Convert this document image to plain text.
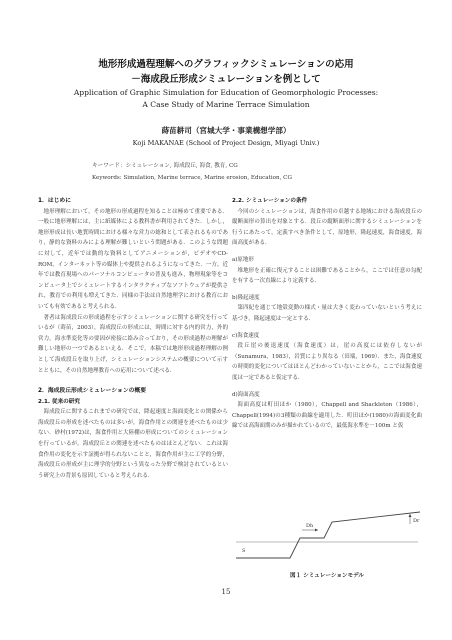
地形形成過程理解へのグラフィックシミュレーションの応用
－海成段丘形成シミュレーションを例として
Application of Graphic Simulation for Education of Geomorphologic Processes:
A Case Study of Marine Terrace Simulation
蒔苗耕司（宮城大学・事業構想学部）
Koji MAKANAE (School of Project Design, Miyagi Univ.)
キーワード：シミュレーション, 海成段丘, 海食, 教育, CG
Keywords: Simulation, Marine terrace, Marine erosion, Education, CG

1．はじめに

地形理解において，その地形の形成過程を知ることは極めて重要である．一般に地形理解には，主に紙媒体による教科書が利用されてきた．しかし，地形形成は長い地質時間における様々な営力の総和として表されるものであり，静的な資料のみによる理解が難しいという問題がある．このような問題に対して，近年では動的な資料としてアニメーションが，ビデオやCD-ROM，インターネット等の媒体上や提供されるようになってきた．一方，近年では教育現場へのパーソナルコンピュータの普及も進み，物理現象等をコンピュータ上でシミュレートするインタラクティブなソフトウェアが提供され，教育での利用も増えてきた．同様の手法は自然地理学における教育においても有効であると考えられる．

著者は海成段丘の形成過程を示すシミュレーションに関する研究を行っているが（蒔苗，2003），海成段丘の形成には，時間に対する内的営力，外的営力，海水準変化等の要因が密接に絡み合っており，その形成過程の理解が難しい地形の一つであるといえる．そこで，本稿では地形形成過程理解の例として海成段丘を取り上げ，シミュレーションシステムの概要について示すとともに，その自然地理教育への応用について述べる．

2．海成段丘形成シミュレーションの概要

2.1. 従来の研究

海成段丘に関するこれまでの研究では，降起速度と海面変化との関係から海成段丘の形成を述べたものは多いが，海食作用との関連を述べたものは少ない．砂村(1972)は，海食作用と大陸棚の形成についてのシミュレーションを行っているが，海成段丘との関連を述べたものはほとんどない．これは海食作用の変化を示す証拠が得られないことと，海食作用が主に工学的分野，海成段丘の形成が主に理学的分野という異なった分野で検討されているという研究上の背景も原因していると考えられる．

2.2. シミュレーションの条件

今回のシミュレーションは，海食作用の卓越する地域における海成段丘の縦断面形の算出を対象とする．段丘の縦断面形に関するシミュレーションを行うにあたって，定義すべき条件として，原地形，隆起速度，海食速度，海面高度がある．

a)原地形

堆地形を正確に復元することは困難であることから，ここでは任意の勾配を有する一次直線により定義する．

b)隆起速度

第四紀を通じて地殻変動の様式・量は大きく変わっていないという考えに基づき，隆起速度は一定とする．

c)海食速度

段丘崖の後退速度（海食速度）は，崖の高度には依存しないが（Sunamura，1983），岩質により異なる（田端，1969）．また，海食速度の時間的変化についてはほとんどわかっていないことから，ここでは海食速度は一定であると仮定する．

d)海面高度

海面高度は町田ほか（1980），Chappell and Shackleton（1986），Chappell(1994)の3種類の曲線を適用した．町田ほか(1980)の海面変化曲線では高海面期のみが描かれているので，最低海水準を－100m と仮

Dh
Dr
S
図１ シミュレーションモデル
15
